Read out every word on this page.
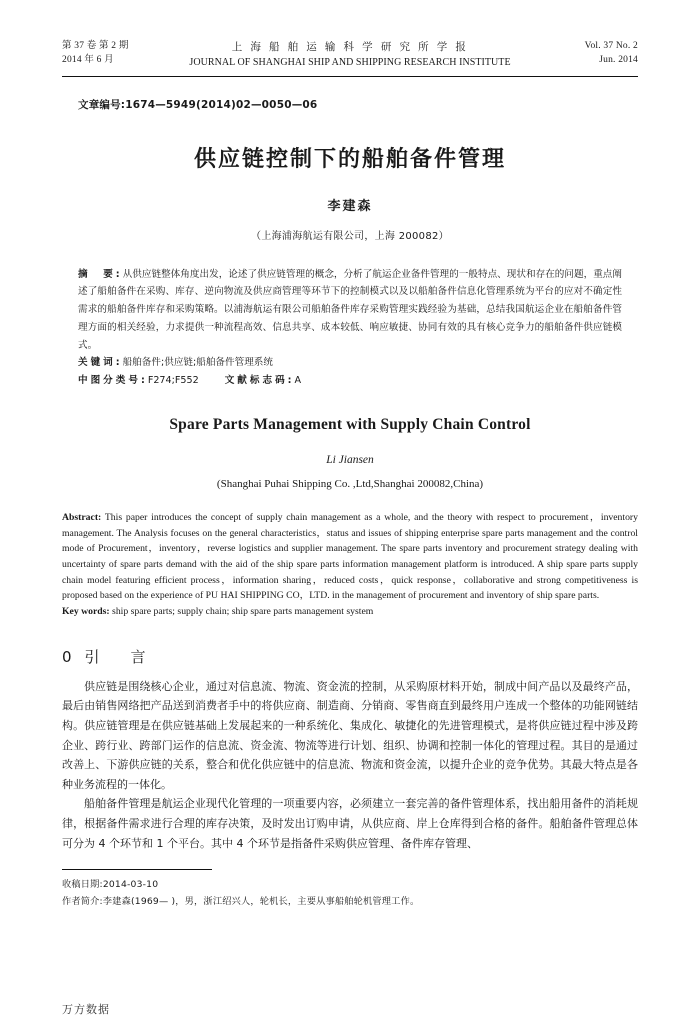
第 37 卷 第 2 期
2014 年 6 月
上 海 船 舶 运 输 科 学 研 究 所 学 报
JOURNAL OF SHANGHAI SHIP AND SHIPPING RESEARCH INSTITUTE
Vol. 37 No. 2
Jun. 2014
文章编号:1674—5949(2014)02—0050—06
供应链控制下的船舶备件管理
李建森
（上海浦海航运有限公司，上海 200082）

摘　要:从供应链整体角度出发，论述了供应链管理的概念，分析了航运企业备件管理的一般特点、现状和存在的问题，重点阐述了船舶备件在采购、库存、逆向物流及供应商管理等环节下的控制模式以及以船舶备件信息化管理系统为平台的应对不确定性需求的船舶备件库存和采购策略。以浦海航运有限公司船舶备件库存采购管理实践经验为基础，总结我国航运企业在船舶备件管理方面的相关经验，力求提供一种流程高效、信息共享、成本较低、响应敏捷、协同有效的具有核心竞争力的船舶备件供应链模式。

关键词:船舶备件;供应链;船舶备件管理系统

中图分类号:F274;F552	文献标志码:A

Spare Parts Management with Supply Chain Control
Li Jiansen
(Shanghai Puhai Shipping Co. ,Ltd,Shanghai 200082,China)

Abstract: This paper introduces the concept of supply chain management as a whole, and the theory with respect to procurement，inventory management. The Analysis focuses on the general characteristics，status and issues of shipping enterprise spare parts management and the control mode of Procurement，inventory，reverse logistics and supplier management. The spare parts inventory and procurement strategy dealing with uncertainty of spare parts demand with the aid of the ship spare parts information management platform is introduced. A ship spare parts supply chain model featuring efficient process，information sharing，reduced costs，quick response，collaborative and strong competitiveness is proposed based on the experience of PU HAI SHIPPING CO，LTD. in the management of procurement and inventory of ship spare parts.

Key words: ship spare parts; supply chain; ship spare parts management system

0 引　言

供应链是围绕核心企业，通过对信息流、物流、资金流的控制，从采购原材料开始，制成中间产品以及最终产品，最后由销售网络把产品送到消费者手中的将供应商、制造商、分销商、零售商直到最终用户连成一个整体的功能网链结构。供应链管理是在供应链基础上发展起来的一种系统化、集成化、敏捷化的先进管理模式，是将供应链过程中涉及跨企业、跨行业、跨部门运作的信息流、资金流、物流等进行计划、组织、协调和控制一体化的管理过程。其目的是通过改善上、下游供应链的关系，整合和优化供应链中的信息流、物流和资金流，以提升企业的竞争优势。其最大特点是各种业务流程的一体化。

船舶备件管理是航运企业现代化管理的一项重要内容，必须建立一套完善的备件管理体系，找出船用备件的消耗规律，根据备件需求进行合理的库存决策，及时发出订购申请，从供应商、岸上仓库得到合格的备件。船舶备件管理总体可分为 4 个环节和 1 个平台。其中 4 个环节是指备件采购供应管理、备件库存管理、

收稿日期:2014-03-10
作者简介:李建森(1969— )，男，浙江绍兴人，轮机长，主要从事船舶轮机管理工作。
万方数据
